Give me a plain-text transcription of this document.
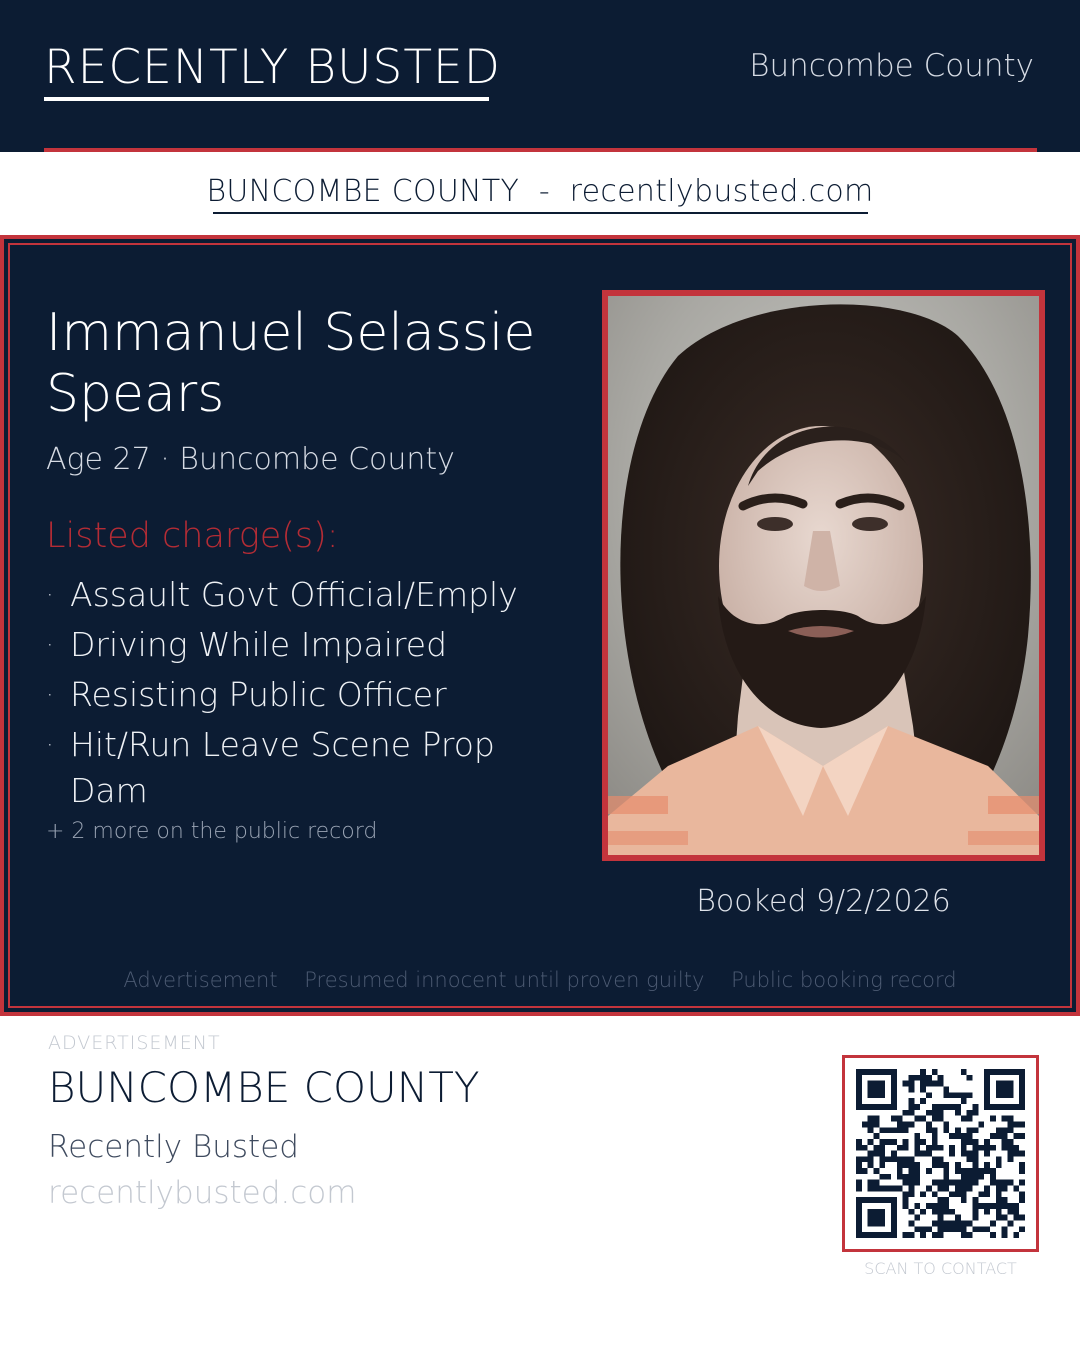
RECENTLY BUSTED	Buncombe County
BUNCOMBE COUNTY  -  recentlybusted.com
Immanuel Selassie Spears
Age 27 · Buncombe County
Listed charge(s):
· Assault Govt Official/Emply
· Driving While Impaired
· Resisting Public Officer
· Hit/Run Leave Scene Prop Dam
+ 2 more on the public record
Booked 9/2/2026
Advertisement Presumed innocent until proven guilty Public booking record
ADVERTISEMENT
BUNCOMBE COUNTY
Recently Busted
recentlybusted.com
SCAN TO CONTACT
